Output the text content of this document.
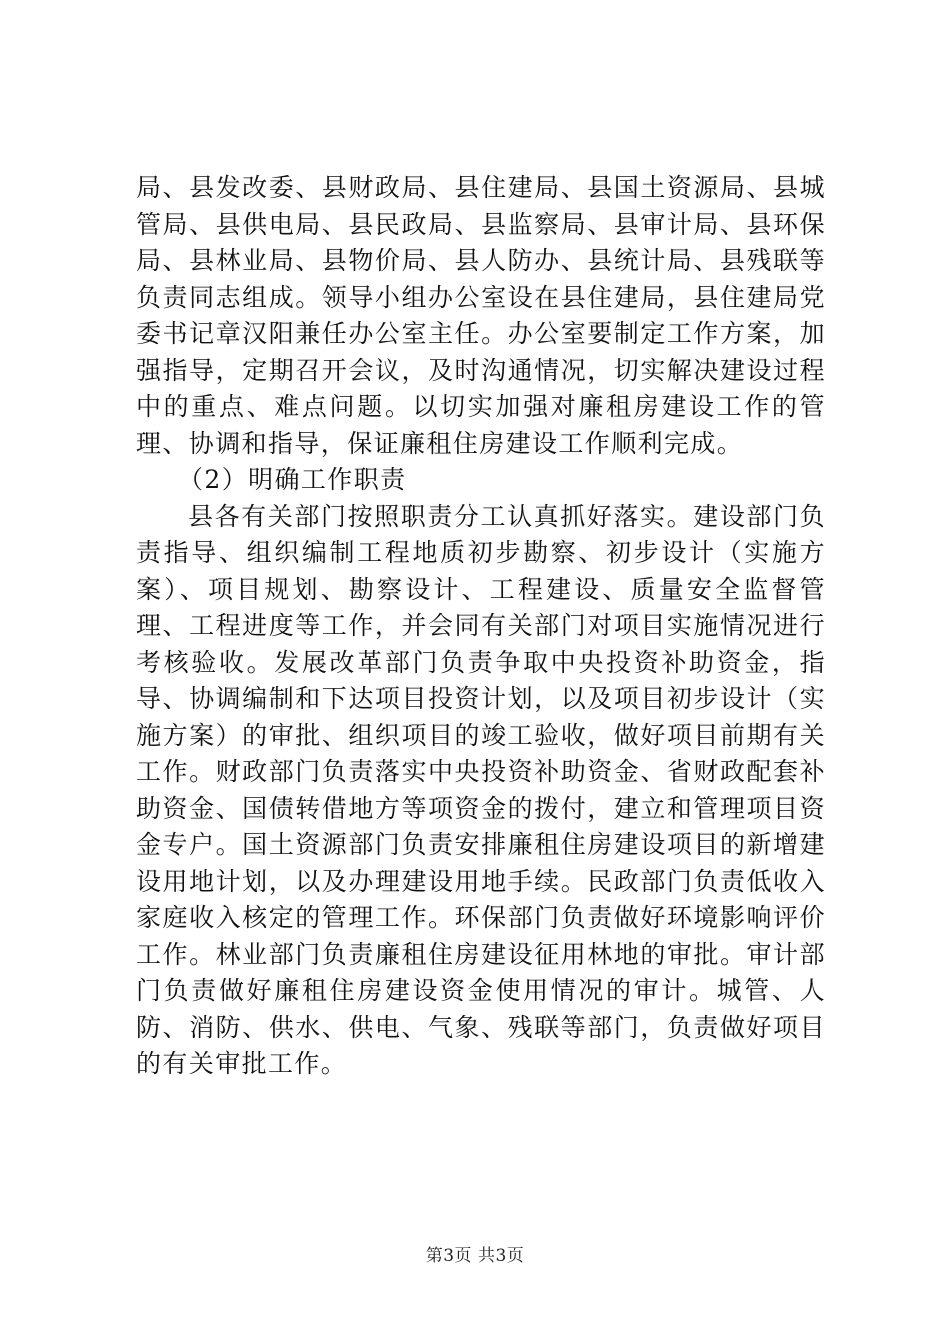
局、县发改委、县财政局、县住建局、县国土资源局、县城管局、县供电局、县民政局、县监察局、县审计局、县环保局、县林业局、县物价局、县人防办、县统计局、县残联等负责同志组成。领导小组办公室设在县住建局，县住建局党委书记章汉阳兼任办公室主任。办公室要制定工作方案，加强指导，定期召开会议，及时沟通情况，切实解决建设过程中的重点、难点问题。以切实加强对廉租房建设工作的管理、协调和指导，保证廉租住房建设工作顺利完成。

（2）明确工作职责

县各有关部门按照职责分工认真抓好落实。建设部门负责指导、组织编制工程地质初步勘察、初步设计（实施方案）、项目规划、勘察设计、工程建设、质量安全监督管理、工程进度等工作，并会同有关部门对项目实施情况进行考核验收。发展改革部门负责争取中央投资补助资金，指导、协调编制和下达项目投资计划，以及项目初步设计（实施方案）的审批、组织项目的竣工验收，做好项目前期有关工作。财政部门负责落实中央投资补助资金、省财政配套补助资金、国债转借地方等项资金的拨付，建立和管理项目资金专户。国土资源部门负责安排廉租住房建设项目的新增建设用地计划，以及办理建设用地手续。民政部门负责低收入家庭收入核定的管理工作。环保部门负责做好环境影响评价工作。林业部门负责廉租住房建设征用林地的审批。审计部门负责做好廉租住房建设资金使用情况的审计。城管、人防、消防、供水、供电、气象、残联等部门，负责做好项目的有关审批工作。

第3页 共3页
